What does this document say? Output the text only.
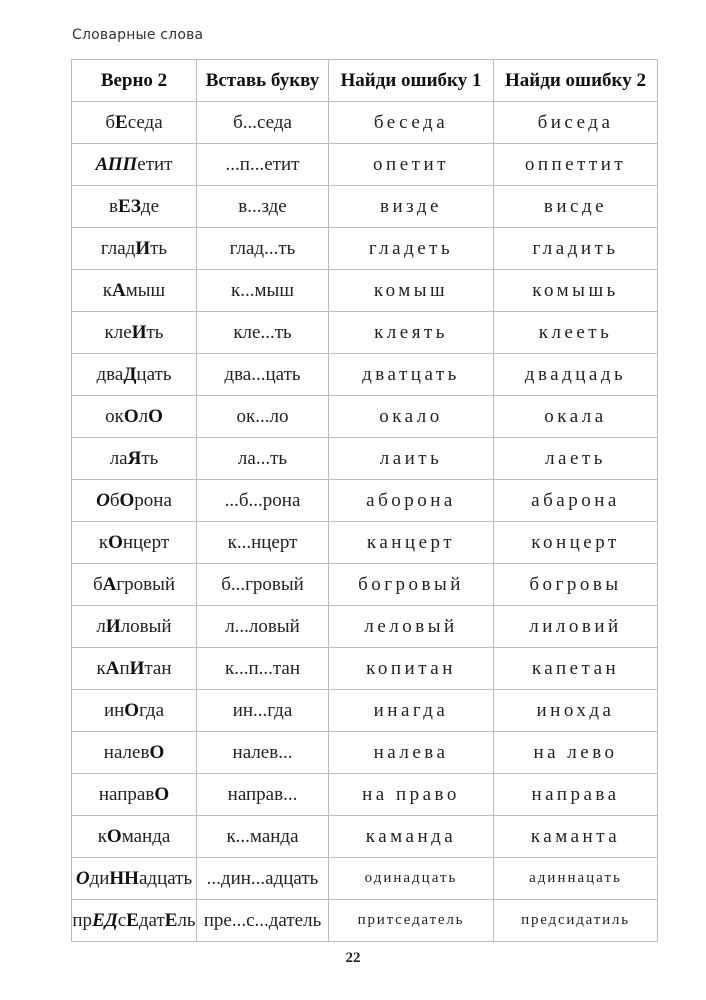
Словарные слова
Верно 2	Вставь букву	Найди ошибку 1	Найди ошибку 2
бЕседа	б...седа	беседа	биседа
АППетит	...п...етит	опетит	оппеттит
вЕЗде	в...зде	визде	висде
гладИть	глад...ть	гладеть	гладить
кАмыш	к...мыш	комыш	комышь
клеИть	кле...ть	клеять	клееть
дваДцать	два...цать	дватцать	двадцадь
окОлО	ок...ло	окало	окала
лаЯть	ла...ть	лаить	лаеть
ОбОрона	...б...рона	аборона	абарона
кОнцерт	к...нцерт	канцерт	концерт
бАгровый	б...гровый	богровый	богровы
лИловый	л...ловый	леловый	лиловий
кАпИтан	к...п...тан	копитан	капетан
инОгда	ин...гда	инагда	инохда
налевО	налев...	налева	на лево
направО	направ...	на право	направа
кОманда	к...манда	каманда	каманта
ОдиННадцать	...дин...адцать	одинадцать	адиннацать
прЕДсЕдатЕль	пре...с...датель	притседатель	предсидатиль
22
